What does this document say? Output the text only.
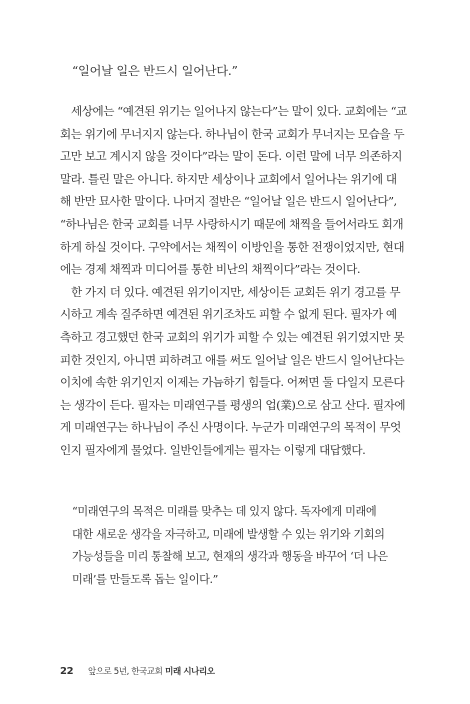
“일어날 일은 반드시 일어난다.”
세상에는 “예견된 위기는 일어나지 않는다”는 말이 있다. 교회에는 “교
회는 위기에 무너지지 않는다. 하나님이 한국 교회가 무너지는 모습을 두
고만 보고 계시지 않을 것이다”라는 말이 돈다. 이런 말에 너무 의존하지
말라. 틀린 말은 아니다. 하지만 세상이나 교회에서 일어나는 위기에 대
해 반만 묘사한 말이다. 나머지 절반은 “일어날 일은 반드시 일어난다”,
“하나님은 한국 교회를 너무 사랑하시기 때문에 채찍을 들어서라도 회개
하게 하실 것이다. 구약에서는 채찍이 이방인을 통한 전쟁이었지만, 현대
에는 경제 채찍과 미디어를 통한 비난의 채찍이다”라는 것이다.
한 가지 더 있다. 예견된 위기이지만, 세상이든 교회든 위기 경고를 무
시하고 계속 질주하면 예견된 위기조차도 피할 수 없게 된다. 필자가 예
측하고 경고했던 한국 교회의 위기가 피할 수 있는 예견된 위기였지만 못
피한 것인지, 아니면 피하려고 애를 써도 일어날 일은 반드시 일어난다는
이치에 속한 위기인지 이제는 가늠하기 힘들다. 어쩌면 둘 다일지 모른다
는 생각이 든다. 필자는 미래연구를 평생의 업(業)으로 삼고 산다. 필자에
게 미래연구는 하나님이 주신 사명이다. 누군가 미래연구의 목적이 무엇
인지 필자에게 물었다. 일반인들에게는 필자는 이렇게 대답했다.
“미래연구의 목적은 미래를 맞추는 데 있지 않다. 독자에게 미래에
대한 새로운 생각을 자극하고, 미래에 발생할 수 있는 위기와 기회의
가능성들을 미리 통찰해 보고, 현재의 생각과 행동을 바꾸어 ‘더 나은
미래’를 만들도록 돕는 일이다.”
22 앞으로 5년, 한국교회 미래 시나리오
